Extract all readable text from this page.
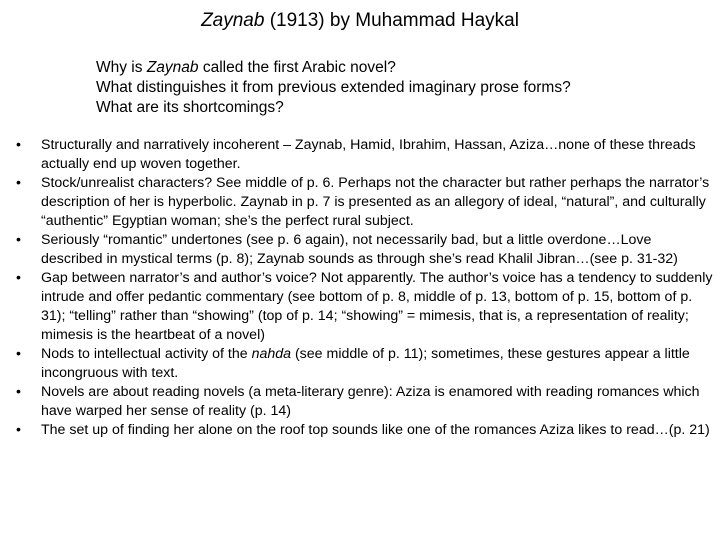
Zaynab (1913) by Muhammad Haykal
Why is Zaynab called the first Arabic novel?
What distinguishes it from previous extended imaginary prose forms?
What are its shortcomings?
•	Structurally and narratively incoherent – Zaynab, Hamid, Ibrahim, Hassan, Aziza…none of these threads actually end up woven together.
•	Stock/unrealist characters? See middle of p. 6. Perhaps not the character but rather perhaps the narrator’s description of her is hyperbolic. Zaynab in p. 7 is presented as an allegory of ideal, “natural”, and culturally “authentic” Egyptian woman; she’s the perfect rural subject.
•	Seriously “romantic” undertones (see p. 6 again), not necessarily bad, but a little overdone…Love described in mystical terms (p. 8); Zaynab sounds as through she’s read Khalil Jibran…(see p. 31-32)
•	Gap between narrator’s and author’s voice? Not apparently. The author’s voice has a tendency to suddenly intrude and offer pedantic commentary (see bottom of p. 8, middle of p. 13, bottom of p. 15, bottom of p. 31); “telling” rather than “showing” (top of p. 14; “showing” = mimesis, that is, a representation of reality; mimesis is the heartbeat of a novel)
•	Nods to intellectual activity of the nahda (see middle of p. 11); sometimes, these gestures appear a little incongruous with text.
•	Novels are about reading novels (a meta-literary genre): Aziza is enamored with reading romances which have warped her sense of reality (p. 14)
•	The set up of finding her alone on the roof top sounds like one of the romances Aziza likes to read…(p. 21)
